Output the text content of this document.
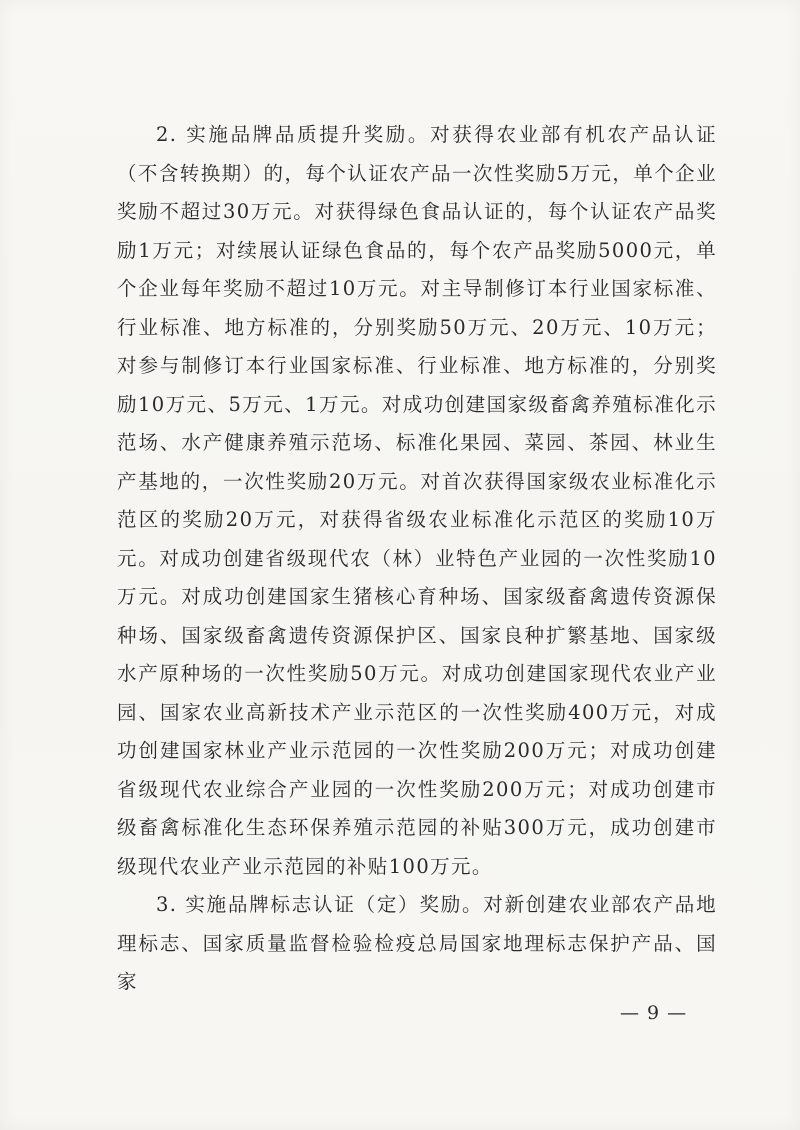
2. 实施品牌品质提升奖励。对获得农业部有机农产品认证（不含转换期）的，每个认证农产品一次性奖励5万元，单个企业奖励不超过30万元。对获得绿色食品认证的，每个认证农产品奖励1万元；对续展认证绿色食品的，每个农产品奖励5000元，单个企业每年奖励不超过10万元。对主导制修订本行业国家标准、行业标准、地方标准的，分别奖励50万元、20万元、10万元；对参与制修订本行业国家标准、行业标准、地方标准的，分别奖励10万元、5万元、1万元。对成功创建国家级畜禽养殖标准化示范场、水产健康养殖示范场、标准化果园、菜园、茶园、林业生产基地的，一次性奖励20万元。对首次获得国家级农业标准化示范区的奖励20万元，对获得省级农业标准化示范区的奖励10万元。对成功创建省级现代农（林）业特色产业园的一次性奖励10万元。对成功创建国家生猪核心育种场、国家级畜禽遗传资源保种场、国家级畜禽遗传资源保护区、国家良种扩繁基地、国家级水产原种场的一次性奖励50万元。对成功创建国家现代农业产业园、国家农业高新技术产业示范区的一次性奖励400万元，对成功创建国家林业产业示范园的一次性奖励200万元；对成功创建省级现代农业综合产业园的一次性奖励200万元；对成功创建市级畜禽标准化生态环保养殖示范园的补贴300万元，成功创建市级现代农业产业示范园的补贴100万元。

3. 实施品牌标志认证（定）奖励。对新创建农业部农产品地理标志、国家质量监督检验检疫总局国家地理标志保护产品、国家

— 9 —
